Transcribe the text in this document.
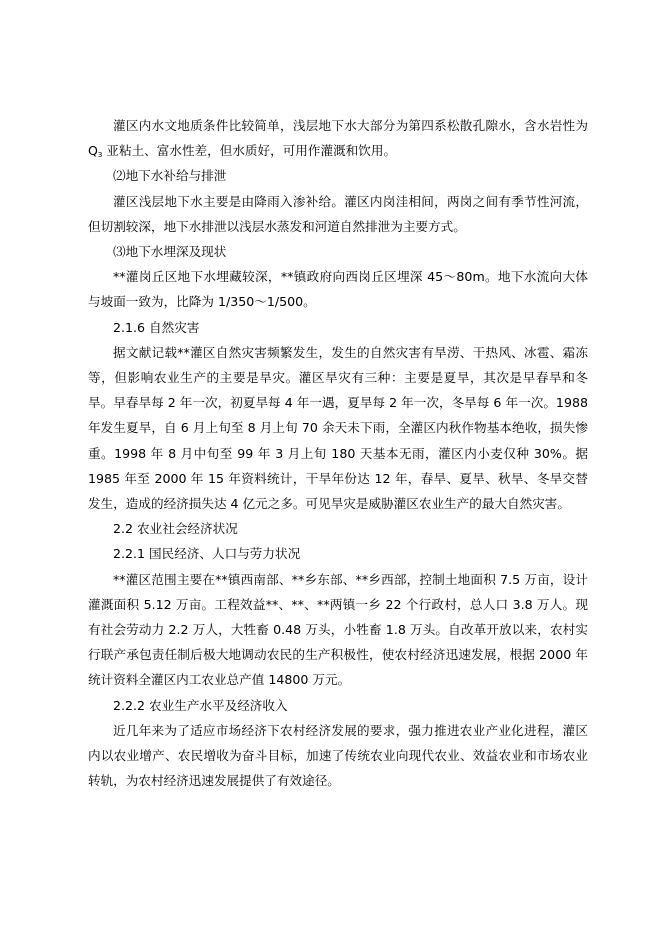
灌区内水文地质条件比较简单，浅层地下水大部分为第四系松散孔隙水，含水岩性为 $Q_3$ 亚粘土、富水性差，但水质好，可用作灌溉和饮用。

⑵地下水补给与排泄

灌区浅层地下水主要是由降雨入渗补给。灌区内岗洼相间，两岗之间有季节性河流，但切割较深，地下水排泄以浅层水蒸发和河道自然排泄为主要方式。

⑶地下水埋深及现状

**灌岗丘区地下水埋藏较深，**镇政府向西岗丘区埋深 45～80m。地下水流向大体与坡面一致为，比降为 1/350～1/500。

2.1.6 自然灾害

据文献记载**灌区自然灾害频繁发生，发生的自然灾害有旱涝、干热风、冰雹、霜冻等，但影响农业生产的主要是旱灾。灌区旱灾有三种：主要是夏旱，其次是早春旱和冬旱。早春旱每 2 年一次，初夏旱每 4 年一遇，夏旱每 2 年一次，冬旱每 6 年一次。1988 年发生夏旱，自 6 月上旬至 8 月上旬 70 余天未下雨，全灌区内秋作物基本绝收，损失惨重。1998 年 8 月中旬至 99 年 3 月上旬 180 天基本无雨，灌区内小麦仅种 30%。据 1985 年至 2000 年 15 年资料统计，干旱年份达 12 年，春旱、夏旱、秋旱、冬旱交替发生，造成的经济损失达 4 亿元之多。可见旱灾是威胁灌区农业生产的最大自然灾害。

2.2 农业社会经济状况

2.2.1 国民经济、人口与劳力状况

**灌区范围主要在**镇西南部、**乡东部、**乡西部，控制土地面积 7.5 万亩，设计灌溉面积 5.12 万亩。工程效益**、**、**两镇一乡 22 个行政村，总人口 3.8 万人。现有社会劳动力 2.2 万人，大牲畜 0.48 万头，小牲畜 1.8 万头。自改革开放以来，农村实行联产承包责任制后极大地调动农民的生产积极性，使农村经济迅速发展，根据 2000 年统计资料全灌区内工农业总产值 14800 万元。

2.2.2 农业生产水平及经济收入

近几年来为了适应市场经济下农村经济发展的要求，强力推进农业产业化进程，灌区内以农业增产、农民增收为奋斗目标，加速了传统农业向现代农业、效益农业和市场农业转轨，为农村经济迅速发展提供了有效途径。
